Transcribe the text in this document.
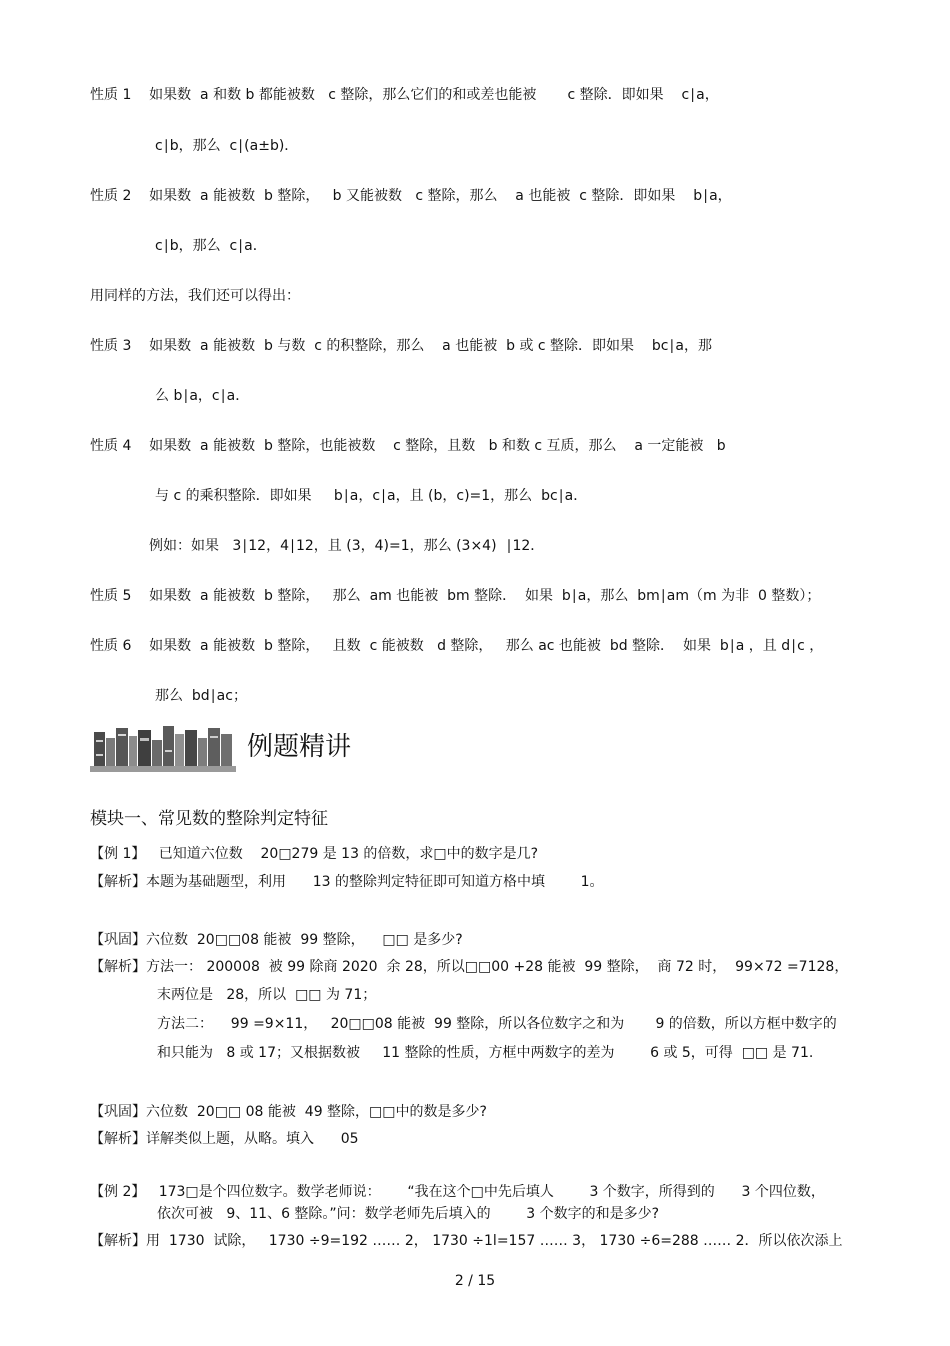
性质 1    如果数  a 和数 b 都能被数   c 整除，那么它们的和或差也能被       c 整除．即如果    c∣a，
c∣b，那么  c∣(a±b)．
性质 2    如果数  a 能被数  b 整除，   b 又能被数   c 整除，那么    a 也能被  c 整除．即如果    b∣a，
c∣b，那么  c∣a．
用同样的方法，我们还可以得出：
性质 3    如果数  a 能被数  b 与数  c 的积整除，那么    a 也能被  b 或 c 整除．即如果    bc∣a，那
么 b∣a，c∣a．
性质 4    如果数  a 能被数  b 整除，也能被数    c 整除，且数   b 和数 c 互质，那么    a 一定能被   b
与 c 的乘积整除．即如果     b∣a，c∣a，且 (b，c)=1，那么  bc∣a．
例如：如果   3∣12，4∣12，且 (3，4)=1，那么 (3×4)  ∣12．
性质 5    如果数  a 能被数  b 整除，   那么  am 也能被  bm 整除．  如果  b∣a，那么  bm∣am（m 为非  0 整数）；
性质 6    如果数  a 能被数  b 整除，   且数  c 能被数   d 整除，   那么 ac 也能被  bd 整除．  如果  b∣a ，且 d∣c ，
那么  bd∣ac；
例题精讲
模块一、常见数的整除判定特征
【例 1】   已知道六位数    20□279 是 13 的倍数，求□中的数字是几?
【解析】本题为基础题型，利用      13 的整除判定特征即可知道方格中填        1。
【巩固】六位数  20□□08 能被  99 整除，    □□ 是多少?
【解析】方法一： 200008  被 99 除商 2020  余 28，所以□□00 +28 能被  99 整除，  商 72 时，  99×72 =7128，
末两位是   28，所以  □□ 为 71；
方法二：    99 =9×11，   20□□08 能被  99 整除，所以各位数字之和为       9 的倍数，所以方框中数字的
和只能为   8 或 17；又根据数被     11 整除的性质，方框中两数字的差为        6 或 5，可得  □□ 是 71.
【巩固】六位数  20□□ 08 能被  49 整除，□□中的数是多少?
【解析】详解类似上题，从略。填入      05
【例 2】   173□是个四位数字。数学老师说：      “我在这个□中先后填人        3 个数字，所得到的      3 个四位数，
依次可被   9、11、6 整除。”问：数学老师先后填入的        3 个数字的和是多少?
【解析】用  1730  试除，   1730 ÷9=192 …… 2， 1730 ÷1l=157 …… 3， 1730 ÷6=288 …… 2．所以依次添上
2 / 15
